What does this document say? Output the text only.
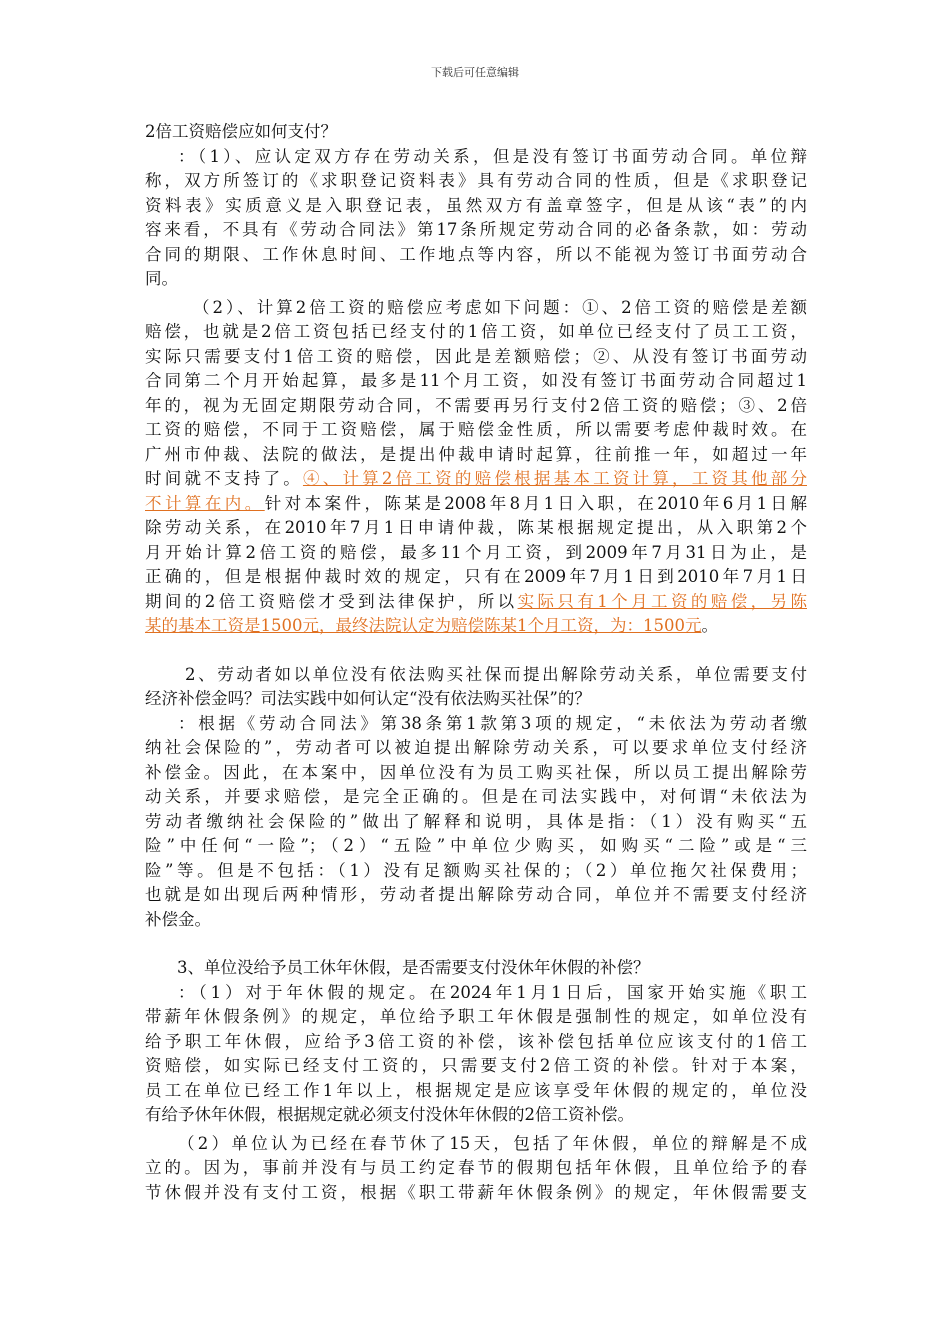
下载后可任意编辑
2倍工资赔偿应如何支付？
：（1）、应认定双方存在劳动关系，但是没有签订书面劳动合同。单位辩
称，双方所签订的《求职登记资料表》具有劳动合同的性质，但是《求职登记
资料表》实质意义是入职登记表，虽然双方有盖章签字，但是从该“表”的内
容来看，不具有《劳动合同法》第17条所规定劳动合同的必备条款，如：劳动
合同的期限、工作休息时间、工作地点等内容，所以不能视为签订书面劳动合
同。
（2）、计算2倍工资的赔偿应考虑如下问题：①、2倍工资的赔偿是差额
赔偿，也就是2倍工资包括已经支付的1倍工资，如单位已经支付了员工工资，
实际只需要支付1倍工资的赔偿，因此是差额赔偿；②、从没有签订书面劳动
合同第二个月开始起算，最多是11个月工资，如没有签订书面劳动合同超过1
年的，视为无固定期限劳动合同，不需要再另行支付2倍工资的赔偿；③、2倍
工资的赔偿，不同于工资赔偿，属于赔偿金性质，所以需要考虑仲裁时效。在
广州市仲裁、法院的做法，是提出仲裁申请时起算，往前推一年，如超过一年
时间就不支持了。④、计算2倍工资的赔偿根据基本工资计算，工资其他部分
不计算在内。针对本案件，陈某是2008年8月1日入职，在2010年6月1日解
除劳动关系，在2010年7月1日申请仲裁，陈某根据规定提出，从入职第2个
月开始计算2倍工资的赔偿，最多11个月工资，到2009年7月31日为止，是
正确的，但是根据仲裁时效的规定，只有在2009年7月1日到2010年7月1日
期间的2倍工资赔偿才受到法律保护，所以实际只有1个月工资的赔偿，另陈
某的基本工资是1500元，最终法院认定为赔偿陈某1个月工资，为：1500元。
2、劳动者如以单位没有依法购买社保而提出解除劳动关系，单位需要支付
经济补偿金吗？司法实践中如何认定“没有依法购买社保”的？
：根据《劳动合同法》第38条第1款第3项的规定，“未依法为劳动者缴
纳社会保险的”，劳动者可以被迫提出解除劳动关系，可以要求单位支付经济
补偿金。因此，在本案中，因单位没有为员工购买社保，所以员工提出解除劳
动关系，并要求赔偿，是完全正确的。但是在司法实践中，对何谓“未依法为
劳动者缴纳社会保险的”做出了解释和说明，具体是指：（1）没有购买“五
险”中任何“一险”；（2）“五险”中单位少购买，如购买“二险”或是“三
险”等。但是不包括：（1）没有足额购买社保的；（2）单位拖欠社保费用；
也就是如出现后两种情形，劳动者提出解除劳动合同，单位并不需要支付经济
补偿金。
3、单位没给予员工休年休假，是否需要支付没休年休假的补偿？
：（1）对于年休假的规定。在2024年1月1日后，国家开始实施《职工
带薪年休假条例》的规定，单位给予职工年休假是强制性的规定，如单位没有
给予职工年休假，应给予3倍工资的补偿，该补偿包括单位应该支付的1倍工
资赔偿，如实际已经支付工资的，只需要支付2倍工资的补偿。针对于本案，
员工在单位已经工作1年以上，根据规定是应该享受年休假的规定的，单位没
有给予休年休假，根据规定就必须支付没休年休假的2倍工资补偿。
（2）单位认为已经在春节休了15天，包括了年休假，单位的辩解是不成
立的。因为，事前并没有与员工约定春节的假期包括年休假，且单位给予的春
节休假并没有支付工资，根据《职工带薪年休假条例》的规定，年休假需要支
